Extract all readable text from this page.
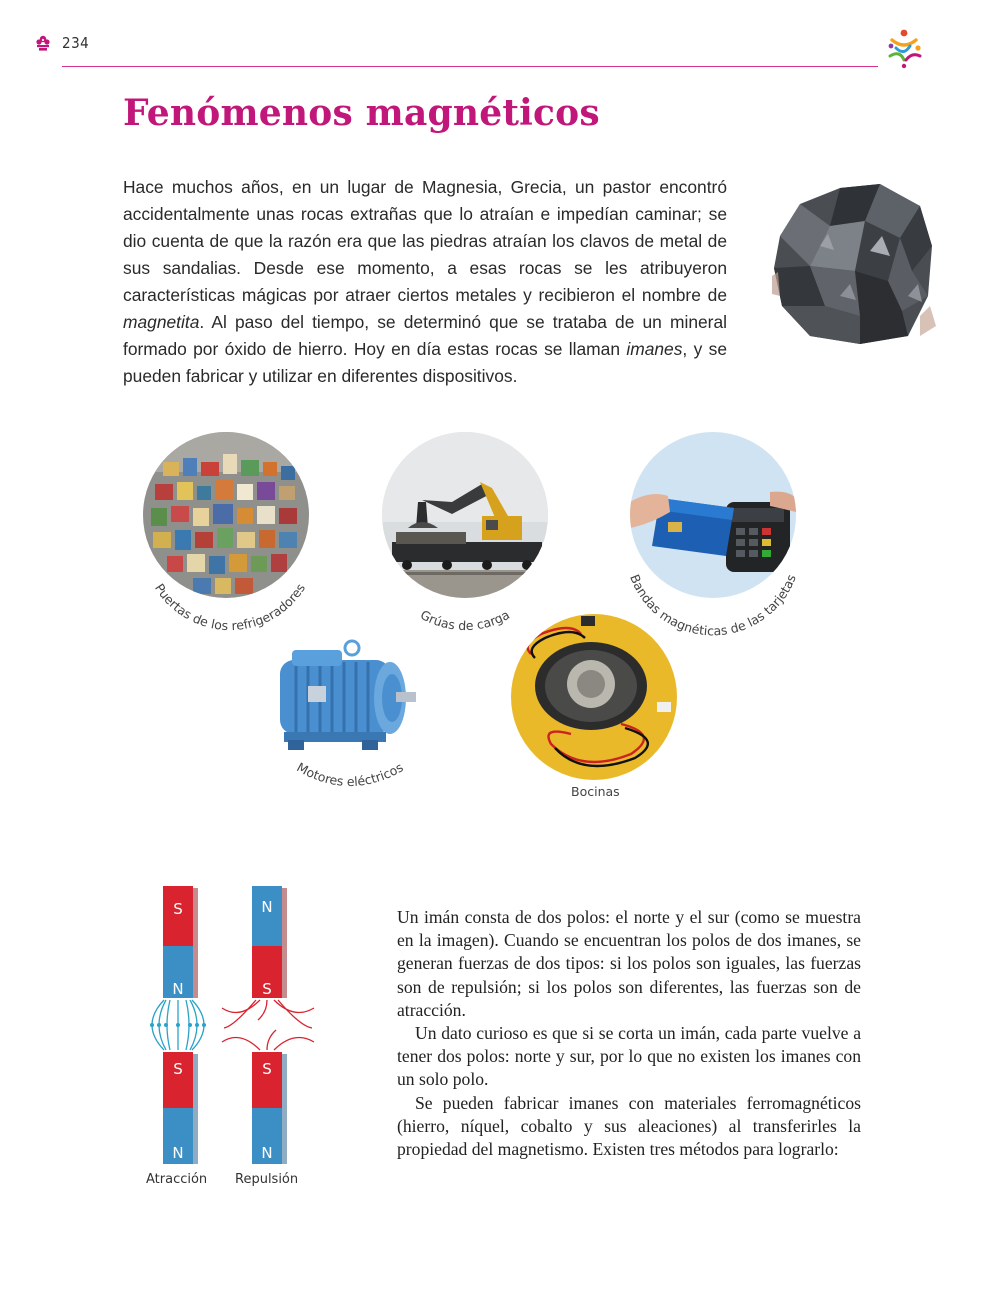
234
Fenómenos magnéticos

Hace muchos años, en un lugar de Magnesia, Grecia, un pastor encontró accidentalmente unas rocas extrañas que lo atraían e impedían caminar; se dio cuenta de que la razón era que las piedras atraían los clavos de metal de sus sandalias. Desde ese momento, a esas rocas se les atribuyeron características mágicas por atraer ciertos metales y recibieron el nombre de magnetita. Al paso del tiempo, se determinó que se trataba de un mineral formado por óxido de hierro. Hoy en día estas rocas se llaman imanes, y se pueden fabricar y utilizar en diferentes dispositivos.

Puertas de los refrigeradores
Grúas de carga
Bandas magnéticas de las tarjetas
Motores eléctricos
Bocinas
S
N
S
N
N
S
S
N
Atracción Repulsión

Un imán consta de dos polos: el norte y el sur (como se muestra en la imagen). Cuando se encuentran los polos de dos imanes, se generan fuerzas de dos tipos: si los polos son iguales, las fuerzas son de repulsión; si los polos son diferentes, las fuerzas son de atracción.

Un dato curioso es que si se corta un imán, cada parte vuelve a tener dos polos: norte y sur, por lo que no existen los imanes con un solo polo.

Se pueden fabricar imanes con materiales ferromagnéticos (hierro, níquel, cobalto y sus aleaciones) al transferirles la propiedad del magnetismo. Existen tres métodos para lograrlo:
